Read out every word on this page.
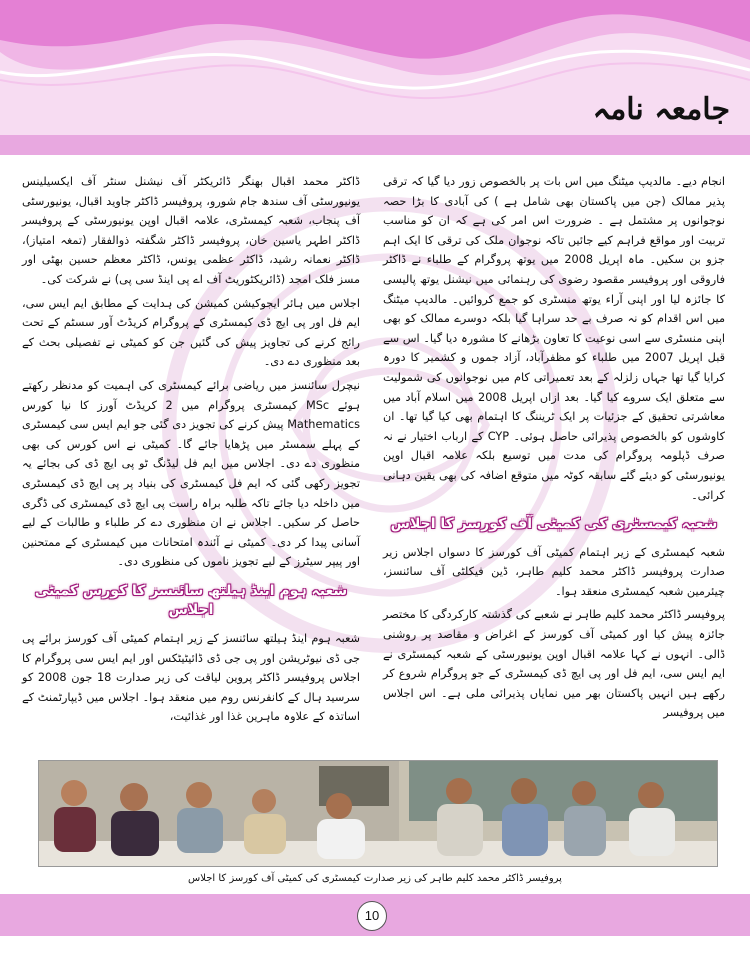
جامعہ نامہ

انجام دیے۔ مالدیپ میٹنگ میں اس بات پر بالخصوص زور دیا گیا کہ ترقی پذیر ممالک (جن میں پاکستان بھی شامل ہے ) کی آبادی کا بڑا حصہ نوجوانوں پر مشتمل ہے ۔ ضرورت اس امر کی ہے کہ ان کو مناسب تربیت اور مواقع فراہم کیے جائیں تاکہ نوجوان ملک کی ترقی کا ایک اہم جزو بن سکیں۔ ماہ اپریل 2008 میں یوتھ پروگرام کے طلباء نے ڈاکٹر فاروقی اور پروفیسر مقصود رضوی کی رہنمائی میں نیشنل یوتھ پالیسی کا جائزہ لیا اور اپنی آراء یوتھ منسٹری کو جمع کروائیں۔ مالدیپ میٹنگ میں اس اقدام کو نہ صرف بے حد سراہا گیا بلکہ دوسرے ممالک کو بھی اپنی منسٹری سے اسی نوعیت کا تعاون بڑھانے کا مشورہ دیا گیا۔ اس سے قبل اپریل 2007 میں طلباء کو مظفرآباد، آزاد جموں و کشمیر کا دورہ کرایا گیا تھا جہاں زلزلہ کے بعد تعمیراتی کام میں نوجوانوں کی شمولیت سے متعلق ایک سروے کیا گیا۔ بعد ازاں اپریل 2008 میں اسلام آباد میں معاشرتی تحقیق کے جزئیات پر ایک ٹریننگ کا اہتمام بھی کیا گیا تھا۔ ان کاوشوں کو بالخصوص پذیرائی حاصل ہوئی۔ CYP کے ارباب اختیار نے نہ صرف ڈپلومہ پروگرام کی مدت میں توسیع بلکہ علامہ اقبال اوپن یونیورسٹی کو دیئے گئے سابقہ کوٹہ میں متوقع اضافہ کی بھی یقین دہانی کرائی۔

شعبہ کیمسٹری کی کمیٹی آف کورسز کا اجلاس

شعبہ کیمسٹری کے زیر اہتمام کمیٹی آف کورسز کا دسواں اجلاس زیر صدارت پروفیسر ڈاکٹر محمد کلیم طاہر، ڈین فیکلٹی آف سائنسز، چیئرمین شعبہ کیمسٹری منعقد ہوا۔

پروفیسر ڈاکٹر محمد کلیم طاہر نے شعبے کی گذشتہ کارکردگی کا مختصر جائزہ پیش کیا اور کمیٹی آف کورسز کے اغراض و مقاصد پر روشنی ڈالی۔ انہوں نے کہا علامہ اقبال اوپن یونیورسٹی کے شعبہ کیمسٹری نے ایم ایس سی، ایم فل اور پی ایچ ڈی کیمسٹری کے جو پروگرام شروع کر رکھے ہیں انہیں پاکستان بھر میں نمایاں پذیرائی ملی ہے۔ اس اجلاس میں پروفیسر

ڈاکٹر محمد اقبال بھنگر ڈائریکٹر آف نیشنل سنٹر آف ایکسیلینس یونیورسٹی آف سندھ جام شورو، پروفیسر ڈاکٹر جاوید اقبال، یونیورسٹی آف پنجاب، شعبہ کیمسٹری، علامہ اقبال اوپن یونیورسٹی کے پروفیسر ڈاکٹر اطہر یاسین خان، پروفیسر ڈاکٹر شگفتہ ذوالفقار (تمغہ امتیاز)، ڈاکٹر نعمانہ رشید، ڈاکٹر عظمی یونس، ڈاکٹر معظم حسین بھٹی اور مسز فلک امجد (ڈائریکٹوریٹ آف اے پی اینڈ سی پی) نے شرکت کی۔

اجلاس میں ہائر ایجوکیشن کمیشن کی ہدایت کے مطابق ایم ایس سی، ایم فل اور پی ایچ ڈی کیمسٹری کے پروگرام کریڈٹ آور سسٹم کے تحت رائج کرنے کی تجاویز پیش کی گئیں جن کو کمیٹی نے تفصیلی بحث کے بعد منظوری دے دی۔

نیچرل سائنسز میں ریاضی برائے کیمسٹری کی اہمیت کو مدنظر رکھتے ہوئے MSc کیمسٹری پروگرام میں 2 کریڈٹ آورز کا نیا کورس Mathematics پیش کرنے کی تجویز دی گئی جو ایم ایس سی کیمسٹری کے پہلے سمسٹر میں پڑھایا جائے گا۔ کمیٹی نے اس کورس کی بھی منظوری دے دی۔ اجلاس میں ایم فل لیڈنگ ٹو پی ایچ ڈی کی بجائے یہ تجویز رکھی گئی کہ ایم فل کیمسٹری کی بنیاد پر پی ایچ ڈی کیمسٹری میں داخلہ دیا جائے تاکہ طلبہ براہ راست پی ایچ ڈی کیمسٹری کی ڈگری حاصل کر سکیں۔ اجلاس نے ان منظوری دے کر طلباء و طالبات کے لیے آسانی پیدا کر دی۔ کمیٹی نے آئندہ امتحانات میں کیمسٹری کے ممتحنین اور پیپر سیٹرز کے لیے تجویز ناموں کی منظوری دی۔

شعبہ ہوم اینڈ ہیلتھ سائنسز کا کورس کمیٹی اجلاس

شعبہ ہوم اینڈ ہیلتھ سائنسز کے زیر اہتمام کمیٹی آف کورسز برائے پی جی ڈی نیوٹریشن اور پی جی ڈی ڈائیٹیٹکس اور ایم ایس سی پروگرام کا اجلاس پروفیسر ڈاکٹر پروین لیاقت کی زیر صدارت 18 جون 2008 کو سرسید ہال کے کانفرنس روم میں منعقد ہوا۔ اجلاس میں ڈیپارٹمنٹ کے اساتذہ کے علاوہ ماہرین غذا اور غذائیت،

پروفیسر ڈاکٹر محمد کلیم طاہر کی زیر صدارت کیمسٹری کی کمیٹی آف کورسز کا اجلاس
10
